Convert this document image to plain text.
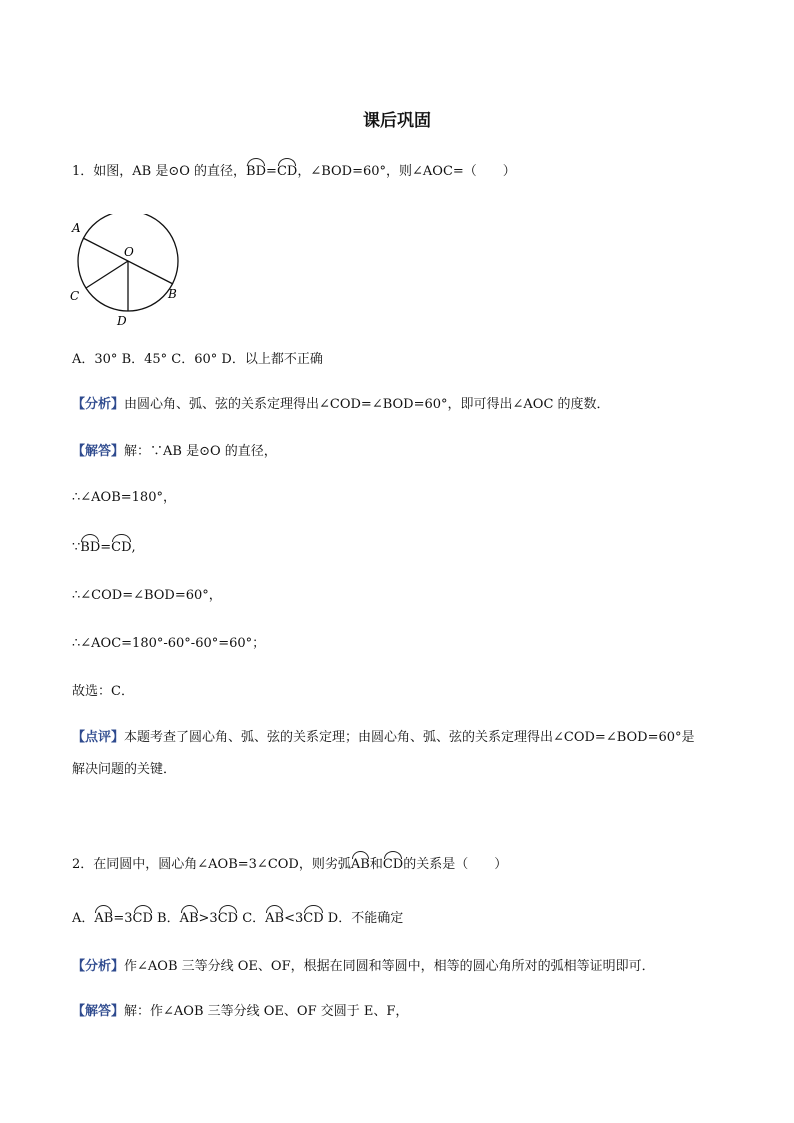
课后巩固
1．如图，AB 是⊙O 的直径，BD=CD，∠BOD=60°，则∠AOC=（　　）
A
O
C	B
D
A．30° B．45° C．60° D．以上都不正确
【分析】由圆心角、弧、弦的关系定理得出∠COD=∠BOD=60°，即可得出∠AOC 的度数．
【解答】解：∵AB 是⊙O 的直径，
∴∠AOB=180°，
∵BD=CD,
∴∠COD=∠BOD=60°，
∴∠AOC=180°-60°-60°=60°；
故选：C．
【点评】本题考查了圆心角、弧、弦的关系定理；由圆心角、弧、弦的关系定理得出∠COD=∠BOD=60°是
解决问题的关键．
2．在同圆中，圆心角∠AOB=3∠COD，则劣弧AB和CD的关系是（　　）
A．AB=3CD B．AB>3CD C．AB<3CD D．不能确定
【分析】作∠AOB 三等分线 OE、OF，根据在同圆和等圆中，相等的圆心角所对的弧相等证明即可．
【解答】解：作∠AOB 三等分线 OE、OF 交圆于 E、F，
